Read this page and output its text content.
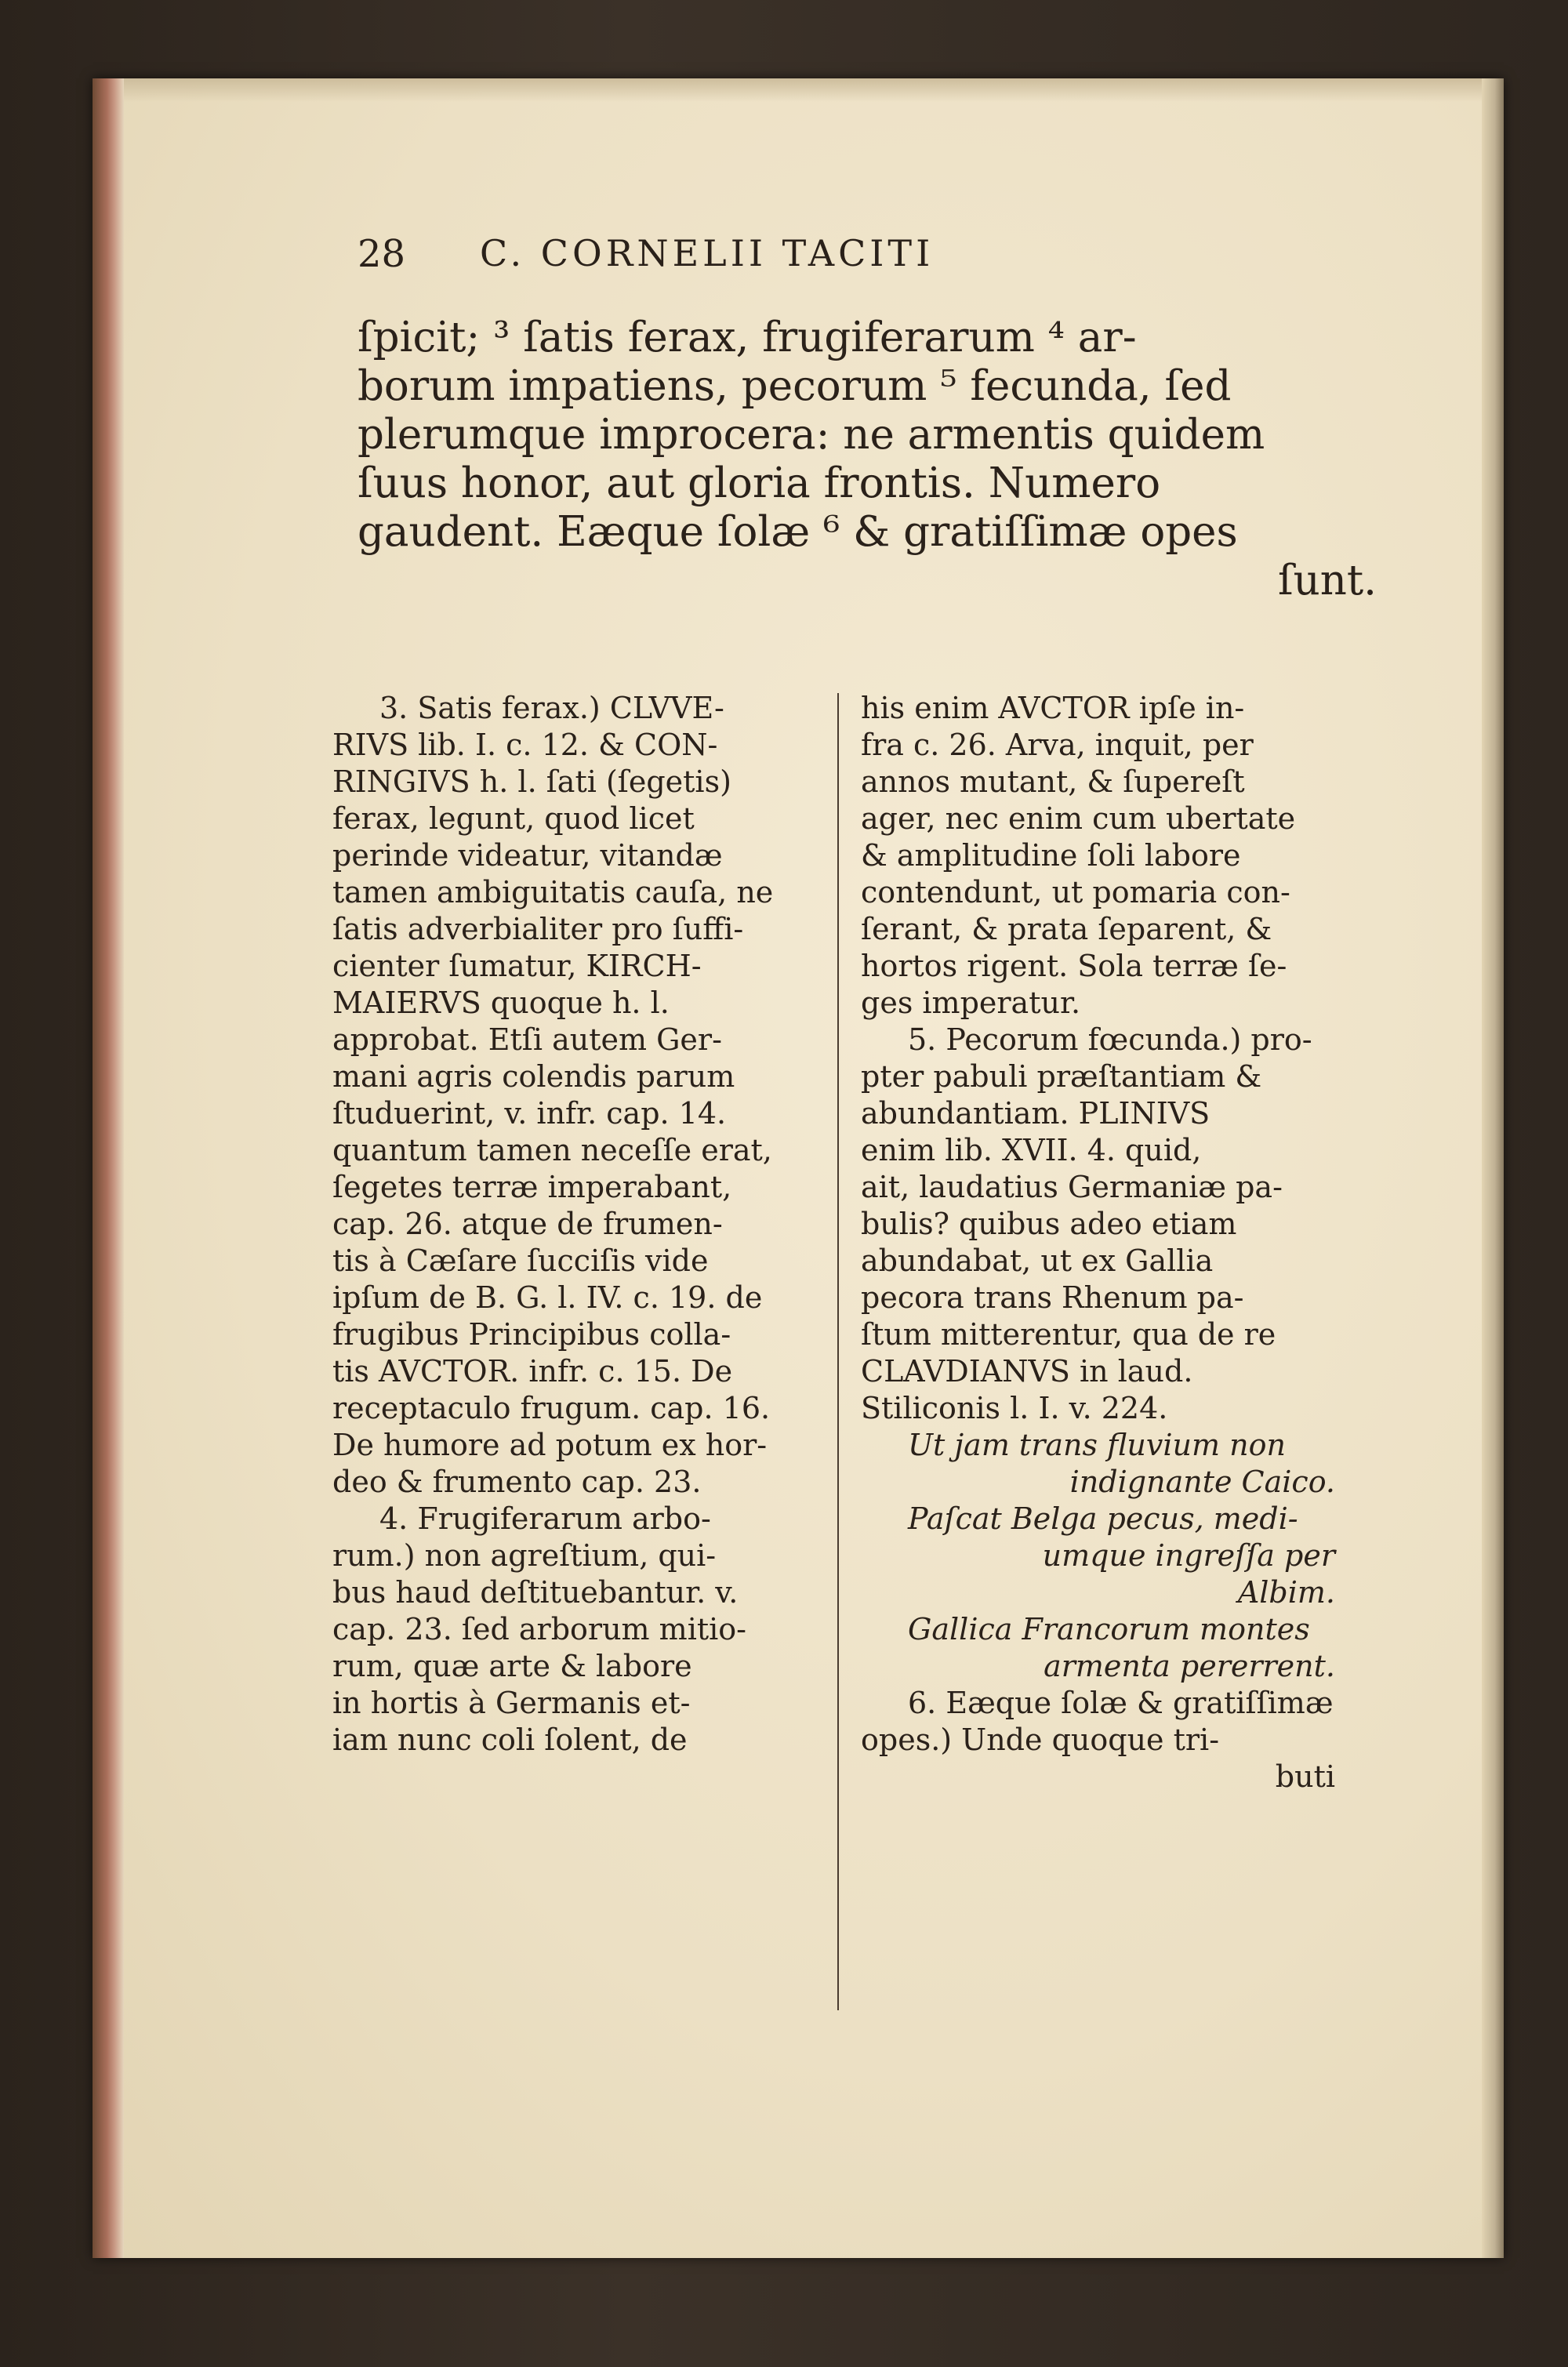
28 C. CORNELII TACITI

ſpicit; ³ ſatis ferax, frugiferarum ⁴ ar-

borum impatiens, pecorum ⁵ fecunda, ſed

plerumque improcera: ne armentis quidem

ſuus honor, aut gloria frontis. Numero

gaudent. Eæque ſolæ ⁶ & gratiſſimæ opes

ſunt.

3. Satis ferax.) CLVVE-

RIVS lib. I. c. 12. & CON-

RINGIVS h. l. ſati (ſegetis)

ferax, legunt, quod licet

perinde videatur, vitandæ

tamen ambiguitatis cauſa, ne

ſatis adverbialiter pro ſuffi-

cienter ſumatur, KIRCH-

MAIERVS quoque h. l.

approbat. Etſi autem Ger-

mani agris colendis parum

ſtuduerint, v. infr. cap. 14.

quantum tamen neceſſe erat,

ſegetes terræ imperabant,

cap. 26. atque de frumen-

tis à Cæſare ſucciſis vide

ipſum de B. G. l. IV. c. 19. de

frugibus Principibus colla-

tis AVCTOR. infr. c. 15. De

receptaculo frugum. cap. 16.

De humore ad potum ex hor-

deo & frumento cap. 23.

4. Frugiferarum arbo-

rum.) non agreſtium, qui-

bus haud deſtituebantur. v.

cap. 23. ſed arborum mitio-

rum, quæ arte & labore

in hortis à Germanis et-

iam nunc coli ſolent, de

his enim AVCTOR ipſe in-

fra c. 26. Arva, inquit, per

annos mutant, & ſupereſt

ager, nec enim cum ubertate

& amplitudine ſoli labore

contendunt, ut pomaria con-

ſerant, & prata ſeparent, &

hortos rigent. Sola terræ ſe-

ges imperatur.

5. Pecorum fœcunda.) pro-

pter pabuli præſtantiam &

abundantiam. PLINIVS

enim lib. XVII. 4. quid,

ait, laudatius Germaniæ pa-

bulis? quibus adeo etiam

abundabat, ut ex Gallia

pecora trans Rhenum pa-

ſtum mitterentur, qua de re

CLAVDIANVS in laud.

Stiliconis l. I. v. 224.

Ut jam trans fluvium non

indignante Caico.

Paſcat Belga pecus, medi-

umque ingreſſa per

Albim.

Gallica Francorum montes

armenta pererrent.

6. Eæque ſolæ & gratiſſimæ

opes.) Unde quoque tri-

buti
